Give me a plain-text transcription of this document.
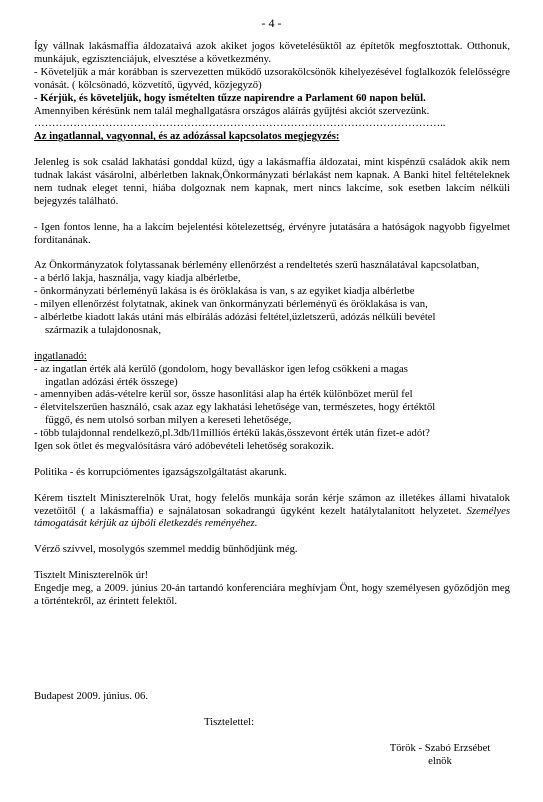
- 4 -

Így vállnak lakásmaffia áldozataivá azok akiket jogos követelésüktől az építetők megfosztottak. Otthonuk, munkájuk, egzisztenciájuk, elvesztése a következmény.

- Követeljük a már korábban is szervezetten működő uzsorakölcsönök kihelyezésével foglalkozók felelősségre vonását. ( kölcsönadó, közvetítő, ügyvéd, közjegyző)

- Kérjük, és követeljük, hogy ismételten tűzze napirendre a Parlament 60 napon belül.

Amennyiben kérésünk nem talál meghallgatásra országos aláírás gyűjtési akciót szervezünk.

……………………………………………………………………………………………………..

Az ingatlannal, vagyonnal, és az adózással kapcsolatos megjegyzés:

Jelenleg is sok család lakhatási gonddal küzd, úgy a lakásmaffia áldozatai, mint kispénzű családok akik nem tudnak lakást vásárolni, albérletben laknak,Önkormányzati bérlakást nem kapnak. A Banki hitel feltételeknek nem tudnak eleget tenni, hiába dolgoznak nem kapnak, mert nincs lakcíme, sok esetben lakcím nélküli bejegyzés található.

- Igen fontos lenne, ha a lakcím bejelentési kötelezettség, érvényre jutatására a hatóságok nagyobb figyelmet fordítanának.

Az Önkormányzatok folytassanak bérlemény ellenőrzést a rendeltetés szerű használatával kapcsolatban,

- a bérlő lakja, használja, vagy kiadja albérletbe,

- önkormányzati bérleményű lakása is és öröklakása is van, s az egyiket kiadja albérletbe

- milyen ellenőrzést folytatnak, akinek van önkormányzati bérleményű és öröklakása is van,

- albérletbe kiadott lakás utáni más elbírálás adózási feltétel,üzletszerű, adózás nélküli bevétel

származik a tulajdonosnak,

ingatlanadó:

- az ingatlan érték alá kerülő (gondolom, hogy bevalláskor igen lefog csökkeni a magas

ingatlan adózási érték összege)

- amennyiben adás-vételre kerül sor, össze hasonlítási alap ha érték különbözet merül fel

- életvitelszerűen használó, csak azaz egy lakhatási lehetősége van, természetes, hogy értéktől

függő, és nem utolsó sorban milyen a kereseti lehetősége,

- több tulajdonnal rendelkező,pl.3db/l1millíós értékű lakás,összevont érték után fizet-e adót?

Igen sok ötlet és megvalósításra váró adóbevételi lehetőség sorakozik.

Politika - és korrupciómentes igazságszolgáltatást akarunk.

Kérem tisztelt Miniszterelnök Urat, hogy felelős munkája során kérje számon az illetékes állami hivatalok vezetőitől ( a lakásmaffia) e sajnálatosan sokadrangú ügyként kezelt hatálytalanított helyzetet. Személyes támogatását kérjük az újbóli életkezdés reményéhez.

Vérző szívvel, mosolygós szemmel meddig bűnhődjünk még.

Tisztelt Miniszterelnök úr!

Engedje meg, a 2009. június 20-án tartandó konferenciára meghívjam Önt, hogy személyesen győződjön meg a történtekről, az érintett felektől.

Budapest 2009. június. 06.
Tisztelettel:
Török - Szabó Erzsébet
elnök
